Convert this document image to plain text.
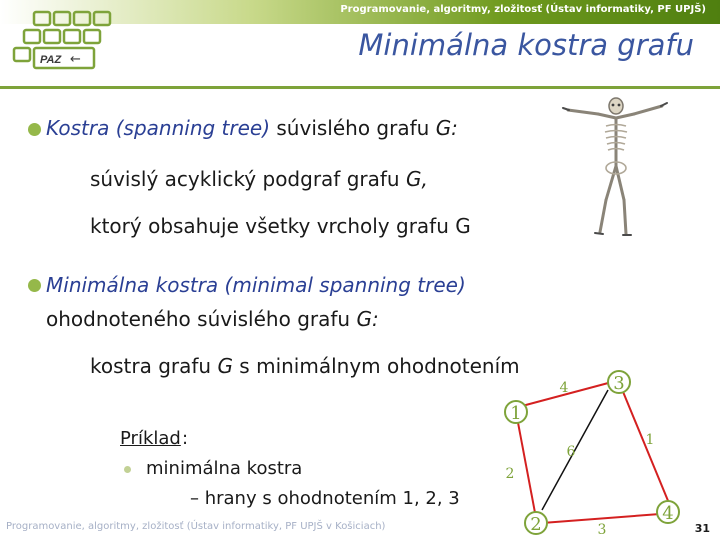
Programovanie, algoritmy, zložitosť (Ústav informatiky, PF UPJŠ)
PAZ ←	Minimálna kostra grafu
Kostra (spanning tree) súvislého grafu G:
súvislý acyklický podgraf grafu G,
ktorý obsahuje všetky vrcholy grafu G
Minimálna kostra (minimal spanning tree)
ohodnoteného súvislého grafu G:
kostra grafu G s minimálnym ohodnotením
Príklad :
minimálna kostra
– hrany s ohodnotením 1, 2, 3
1
3
2
4
4
1
2
3
6
Programovanie, algoritmy, zložitosť (Ústav informatiky, PF UPJŠ v Košiciach)	31
